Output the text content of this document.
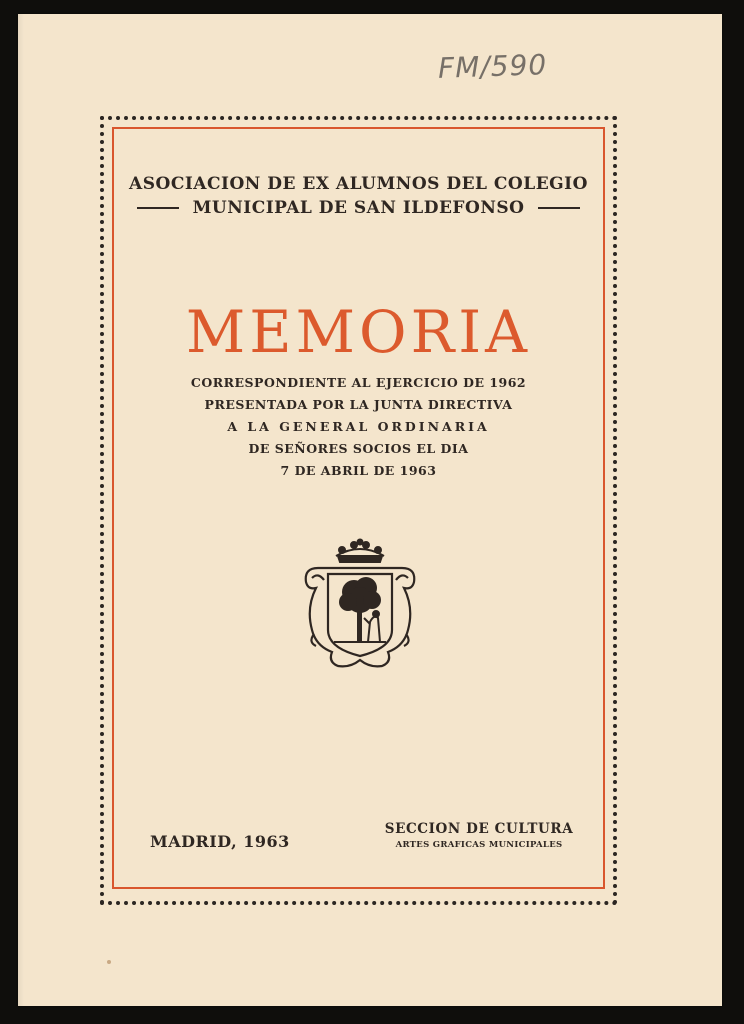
FM/590
ASOCIACION DE EX ALUMNOS DEL COLEGIO
MUNICIPAL DE SAN ILDEFONSO
MEMORIA
CORRESPONDIENTE AL EJERCICIO DE 1962
PRESENTADA POR LA JUNTA DIRECTIVA
A LA GENERAL ORDINARIA
DE SEÑORES SOCIOS EL DIA
7 DE ABRIL DE 1963
MADRID, 1963
SECCION DE CULTURA
ARTES GRAFICAS MUNICIPALES
